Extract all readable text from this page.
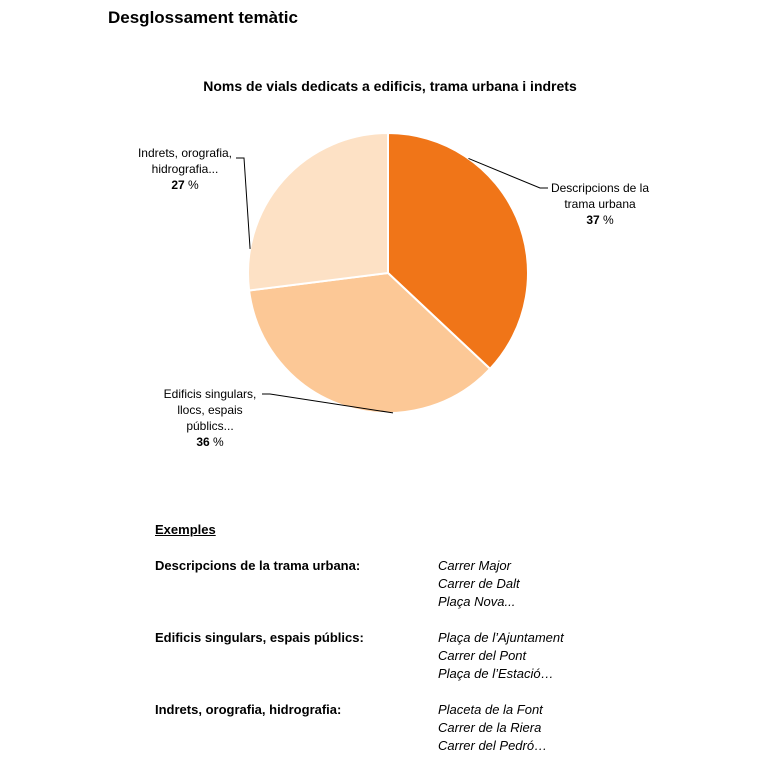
Desglossament temàtic
Noms de vials dedicats a edificis, trama urbana i indrets
Descripcions de la
trama urbana
37 %
Edificis singulars,
llocs, espais
públics...
36 %
Indrets, orografia,
hidrografia...
27 %
Exemples
Descripcions de la trama urbana:	Carrer Major
Carrer de Dalt
Plaça Nova...
Edificis singulars, espais públics:	Plaça de l’Ajuntament
Carrer del Pont
Plaça de l’Estació…
Indrets, orografia, hidrografia:	Placeta de la Font
Carrer de la Riera
Carrer del Pedró…
